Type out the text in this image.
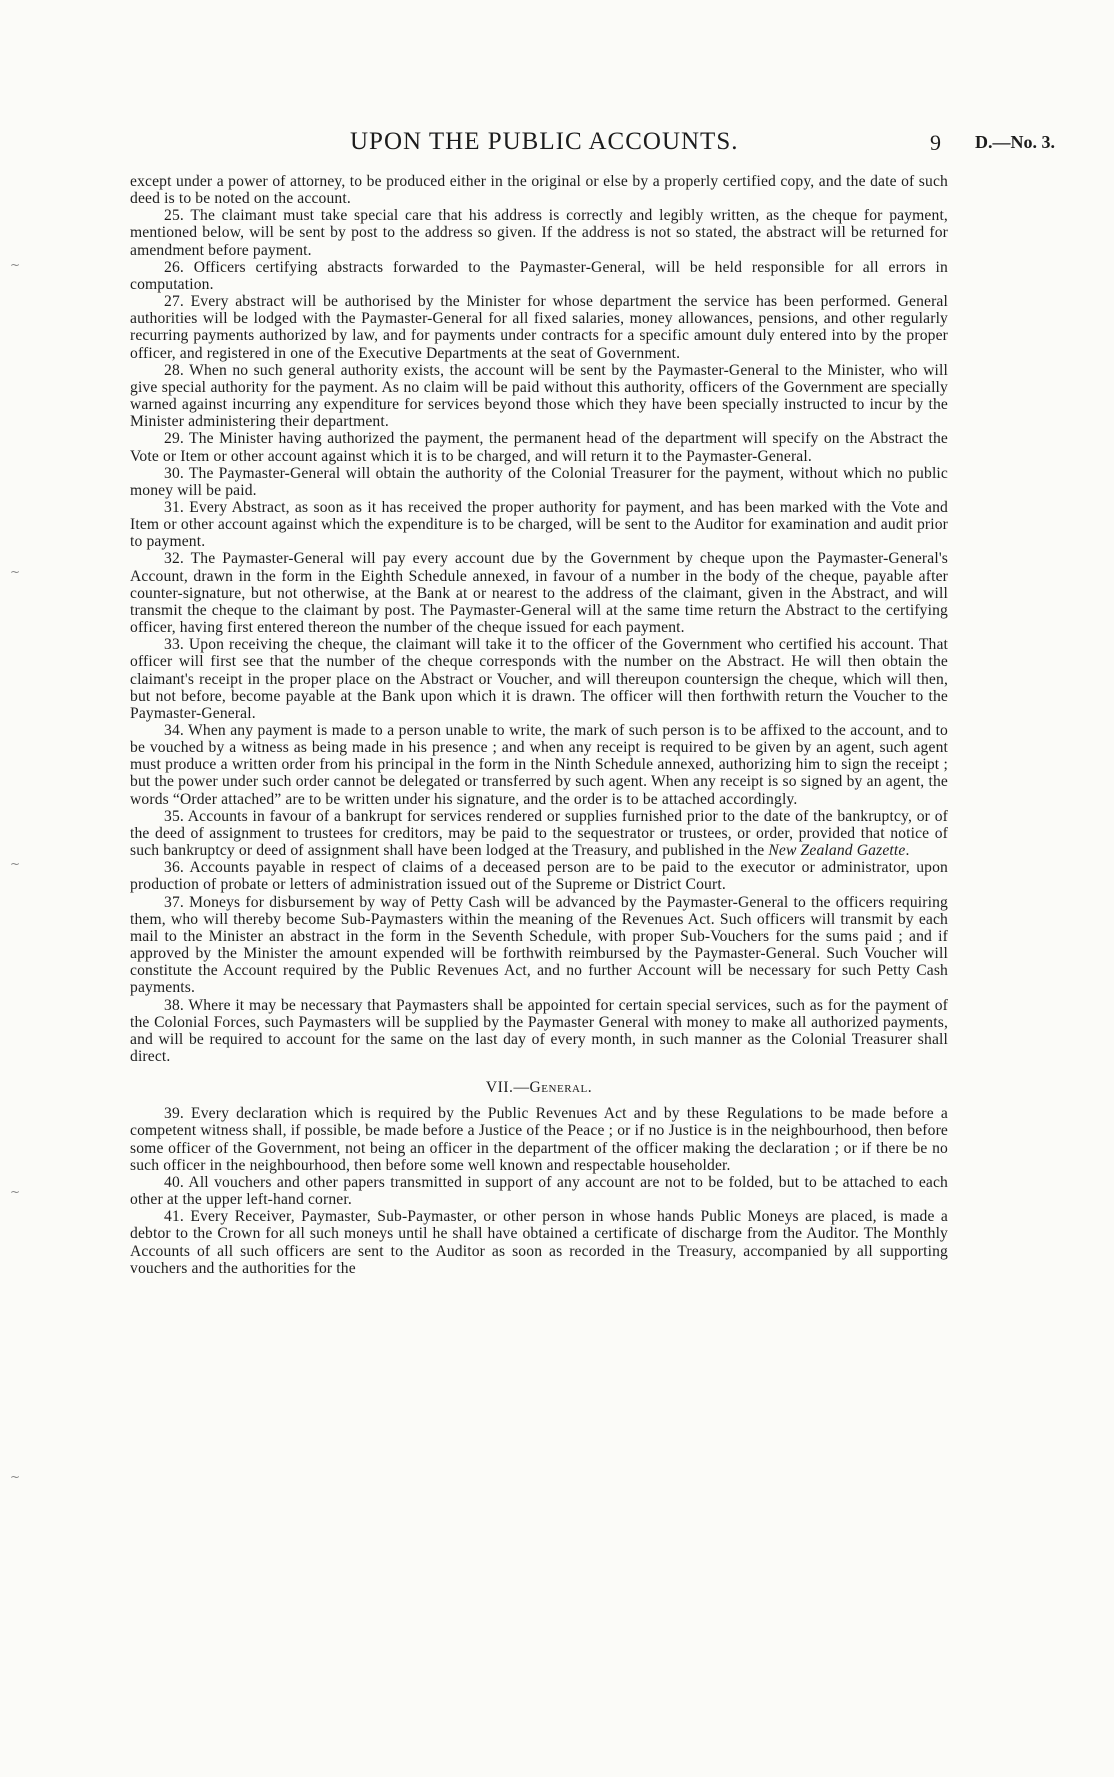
UPON THE PUBLIC ACCOUNTS.	9 D.—No. 3.
~
~
~
~
~

except under a power of attorney, to be produced either in the original or else by a properly certified copy, and the date of such deed is to be noted on the account.

25. The claimant must take special care that his address is correctly and legibly written, as the cheque for payment, mentioned below, will be sent by post to the address so given. If the address is not so stated, the abstract will be returned for amendment before payment.

26. Officers certifying abstracts forwarded to the Paymaster-General, will be held responsible for all errors in computation.

27. Every abstract will be authorised by the Minister for whose department the service has been performed. General authorities will be lodged with the Paymaster-General for all fixed salaries, money allowances, pensions, and other regularly recurring payments authorized by law, and for payments under contracts for a specific amount duly entered into by the proper officer, and registered in one of the Executive Departments at the seat of Government.

28. When no such general authority exists, the account will be sent by the Paymaster-General to the Minister, who will give special authority for the payment. As no claim will be paid without this authority, officers of the Government are specially warned against incurring any expenditure for services beyond those which they have been specially instructed to incur by the Minister administering their department.

29. The Minister having authorized the payment, the permanent head of the department will specify on the Abstract the Vote or Item or other account against which it is to be charged, and will return it to the Paymaster-General.

30. The Paymaster-General will obtain the authority of the Colonial Treasurer for the payment, without which no public money will be paid.

31. Every Abstract, as soon as it has received the proper authority for payment, and has been marked with the Vote and Item or other account against which the expenditure is to be charged, will be sent to the Auditor for examination and audit prior to payment.

32. The Paymaster-General will pay every account due by the Government by cheque upon the Paymaster-General's Account, drawn in the form in the Eighth Schedule annexed, in favour of a number in the body of the cheque, payable after counter-signature, but not otherwise, at the Bank at or nearest to the address of the claimant, given in the Abstract, and will transmit the cheque to the claimant by post. The Paymaster-General will at the same time return the Abstract to the certifying officer, having first entered thereon the number of the cheque issued for each payment.

33. Upon receiving the cheque, the claimant will take it to the officer of the Government who certified his account. That officer will first see that the number of the cheque corresponds with the number on the Abstract. He will then obtain the claimant's receipt in the proper place on the Abstract or Voucher, and will thereupon countersign the cheque, which will then, but not before, become payable at the Bank upon which it is drawn. The officer will then forthwith return the Voucher to the Paymaster-General.

34. When any payment is made to a person unable to write, the mark of such person is to be affixed to the account, and to be vouched by a witness as being made in his presence ; and when any receipt is required to be given by an agent, such agent must produce a written order from his principal in the form in the Ninth Schedule annexed, authorizing him to sign the receipt ; but the power under such order cannot be delegated or transferred by such agent. When any receipt is so signed by an agent, the words “Order attached” are to be written under his signature, and the order is to be attached accordingly.

35. Accounts in favour of a bankrupt for services rendered or supplies furnished prior to the date of the bankruptcy, or of the deed of assignment to trustees for creditors, may be paid to the sequestrator or trustees, or order, provided that notice of such bankruptcy or deed of assignment shall have been lodged at the Treasury, and published in the New Zealand Gazette.

36. Accounts payable in respect of claims of a deceased person are to be paid to the executor or administrator, upon production of probate or letters of administration issued out of the Supreme or District Court.

37. Moneys for disbursement by way of Petty Cash will be advanced by the Paymaster-General to the officers requiring them, who will thereby become Sub-Paymasters within the meaning of the Revenues Act. Such officers will transmit by each mail to the Minister an abstract in the form in the Seventh Schedule, with proper Sub-Vouchers for the sums paid ; and if approved by the Minister the amount expended will be forthwith reimbursed by the Paymaster-General. Such Voucher will constitute the Account required by the Public Revenues Act, and no further Account will be necessary for such Petty Cash payments.

38. Where it may be necessary that Paymasters shall be appointed for certain special services, such as for the payment of the Colonial Forces, such Paymasters will be supplied by the Paymaster General with money to make all authorized payments, and will be required to account for the same on the last day of every month, in such manner as the Colonial Treasurer shall direct.

VII.—General.

39. Every declaration which is required by the Public Revenues Act and by these Regulations to be made before a competent witness shall, if possible, be made before a Justice of the Peace ; or if no Justice is in the neighbourhood, then before some officer of the Government, not being an officer in the department of the officer making the declaration ; or if there be no such officer in the neighbourhood, then before some well known and respectable householder.

40. All vouchers and other papers transmitted in support of any account are not to be folded, but to be attached to each other at the upper left-hand corner.

41. Every Receiver, Paymaster, Sub-Paymaster, or other person in whose hands Public Moneys are placed, is made a debtor to the Crown for all such moneys until he shall have obtained a certificate of discharge from the Auditor. The Monthly Accounts of all such officers are sent to the Auditor as soon as recorded in the Treasury, accompanied by all supporting vouchers and the authorities for the
